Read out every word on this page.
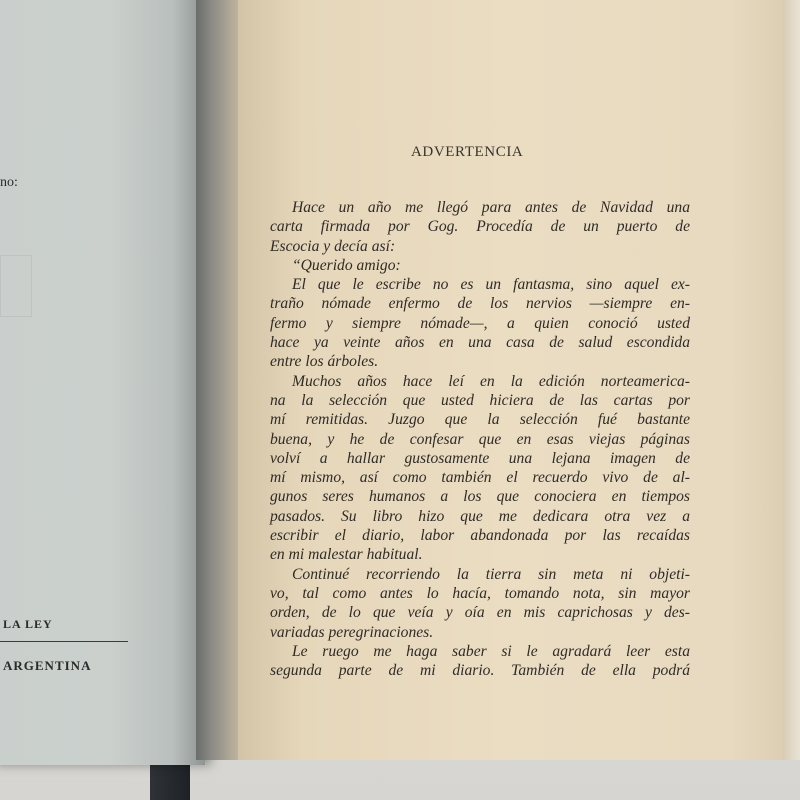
no:
LA LEY
ARGENTINA
ADVERTENCIA
Hace un año me llegó para antes de Navidad una
carta firmada por Gog. Procedía de un puerto de
Escocia y decía así:
“Querido amigo:
El que le escribe no es un fantasma, sino aquel ex-
traño nómade enfermo de los nervios —siempre en-
fermo y siempre nómade—, a quien conoció usted
hace ya veinte años en una casa de salud escondida
entre los árboles.
Muchos años hace leí en la edición norteamerica-
na la selección que usted hiciera de las cartas por
mí remitidas. Juzgo que la selección fué bastante
buena, y he de confesar que en esas viejas páginas
volví a hallar gustosamente una lejana imagen de
mí mismo, así como también el recuerdo vivo de al-
gunos seres humanos a los que conociera en tiempos
pasados. Su libro hizo que me dedicara otra vez a
escribir el diario, labor abandonada por las recaídas
en mi malestar habitual.
Continué recorriendo la tierra sin meta ni objeti-
vo, tal como antes lo hacía, tomando nota, sin mayor
orden, de lo que veía y oía en mis caprichosas y des-
variadas peregrinaciones.
Le ruego me haga saber si le agradará leer esta
segunda parte de mi diario. También de ella podrá
